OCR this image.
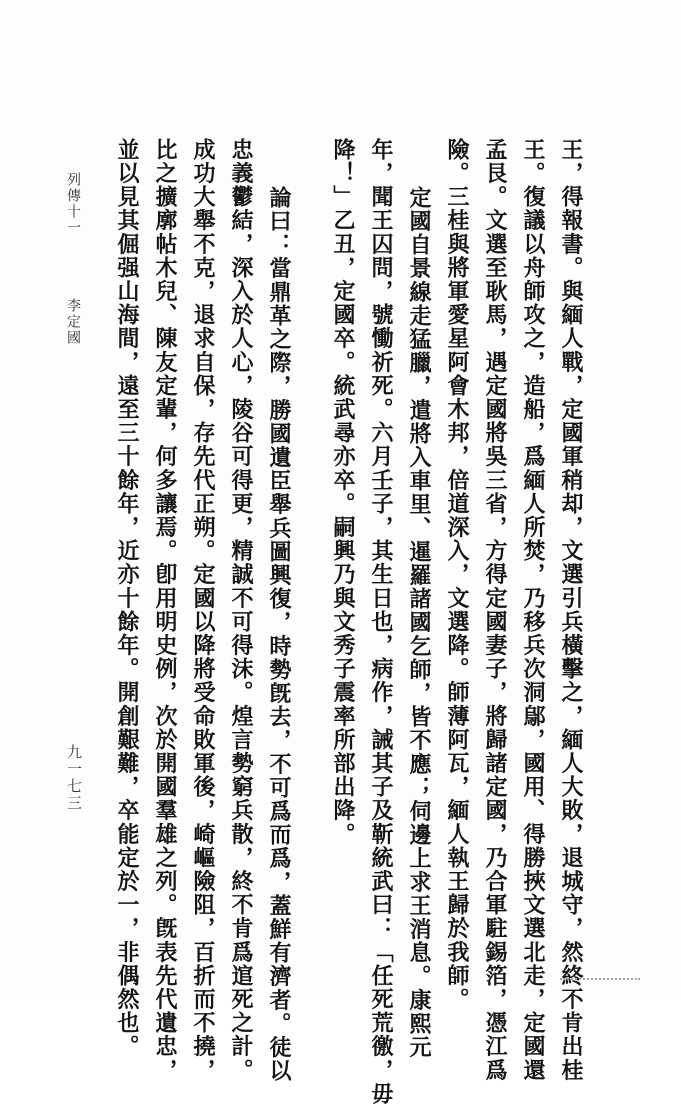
王，得報書。與緬人戰，定國軍稍却，文選引兵橫擊之，緬人大敗，退城守，然終不肯出桂
王。復議以舟師攻之，造船，爲緬人所焚，乃移兵次洞鄔，國用、得勝挾文選北走，定國還
孟艮。文選至耿馬，遇定國將吳三省，方得定國妻子，將歸諸定國，乃合軍駐錫箔，憑江爲
險。三桂與將軍愛星阿會木邦，倍道深入，文選降。師薄阿瓦，緬人執王歸於我師。
定國自景線走猛臘，遣將入車里、暹羅諸國乞師，皆不應；伺邊上求王消息。康熙元
年，聞王囚問，號慟祈死。六月壬子，其生日也，病作，誡其子及靳統武曰：「任死荒徼，毋
降！」乙丑，定國卒。統武尋亦卒。嗣興乃與文秀子震率所部出降。
論曰：當鼎革之際，勝國遺臣舉兵圖興復，時勢旣去，不可爲而爲，蓋鮮有濟者。徒以
忠義鬱結，深入於人心，陵谷可得更，精誠不可得沫。煌言勢窮兵散，終不肯爲逭死之計。
成功大舉不克，退求自保，存先代正朔。定國以降將受命敗軍後，崎嶇險阻，百折而不撓，
比之擴廓帖木兒、陳友定輩，何多讓焉。卽用明史例，次於開國羣雄之列。旣表先代遺忠，
並以見其倔强山海間，遠至三十餘年，近亦十餘年。開創艱難，卒能定於一，非偶然也。
列傳十一
李定國
九一七三
